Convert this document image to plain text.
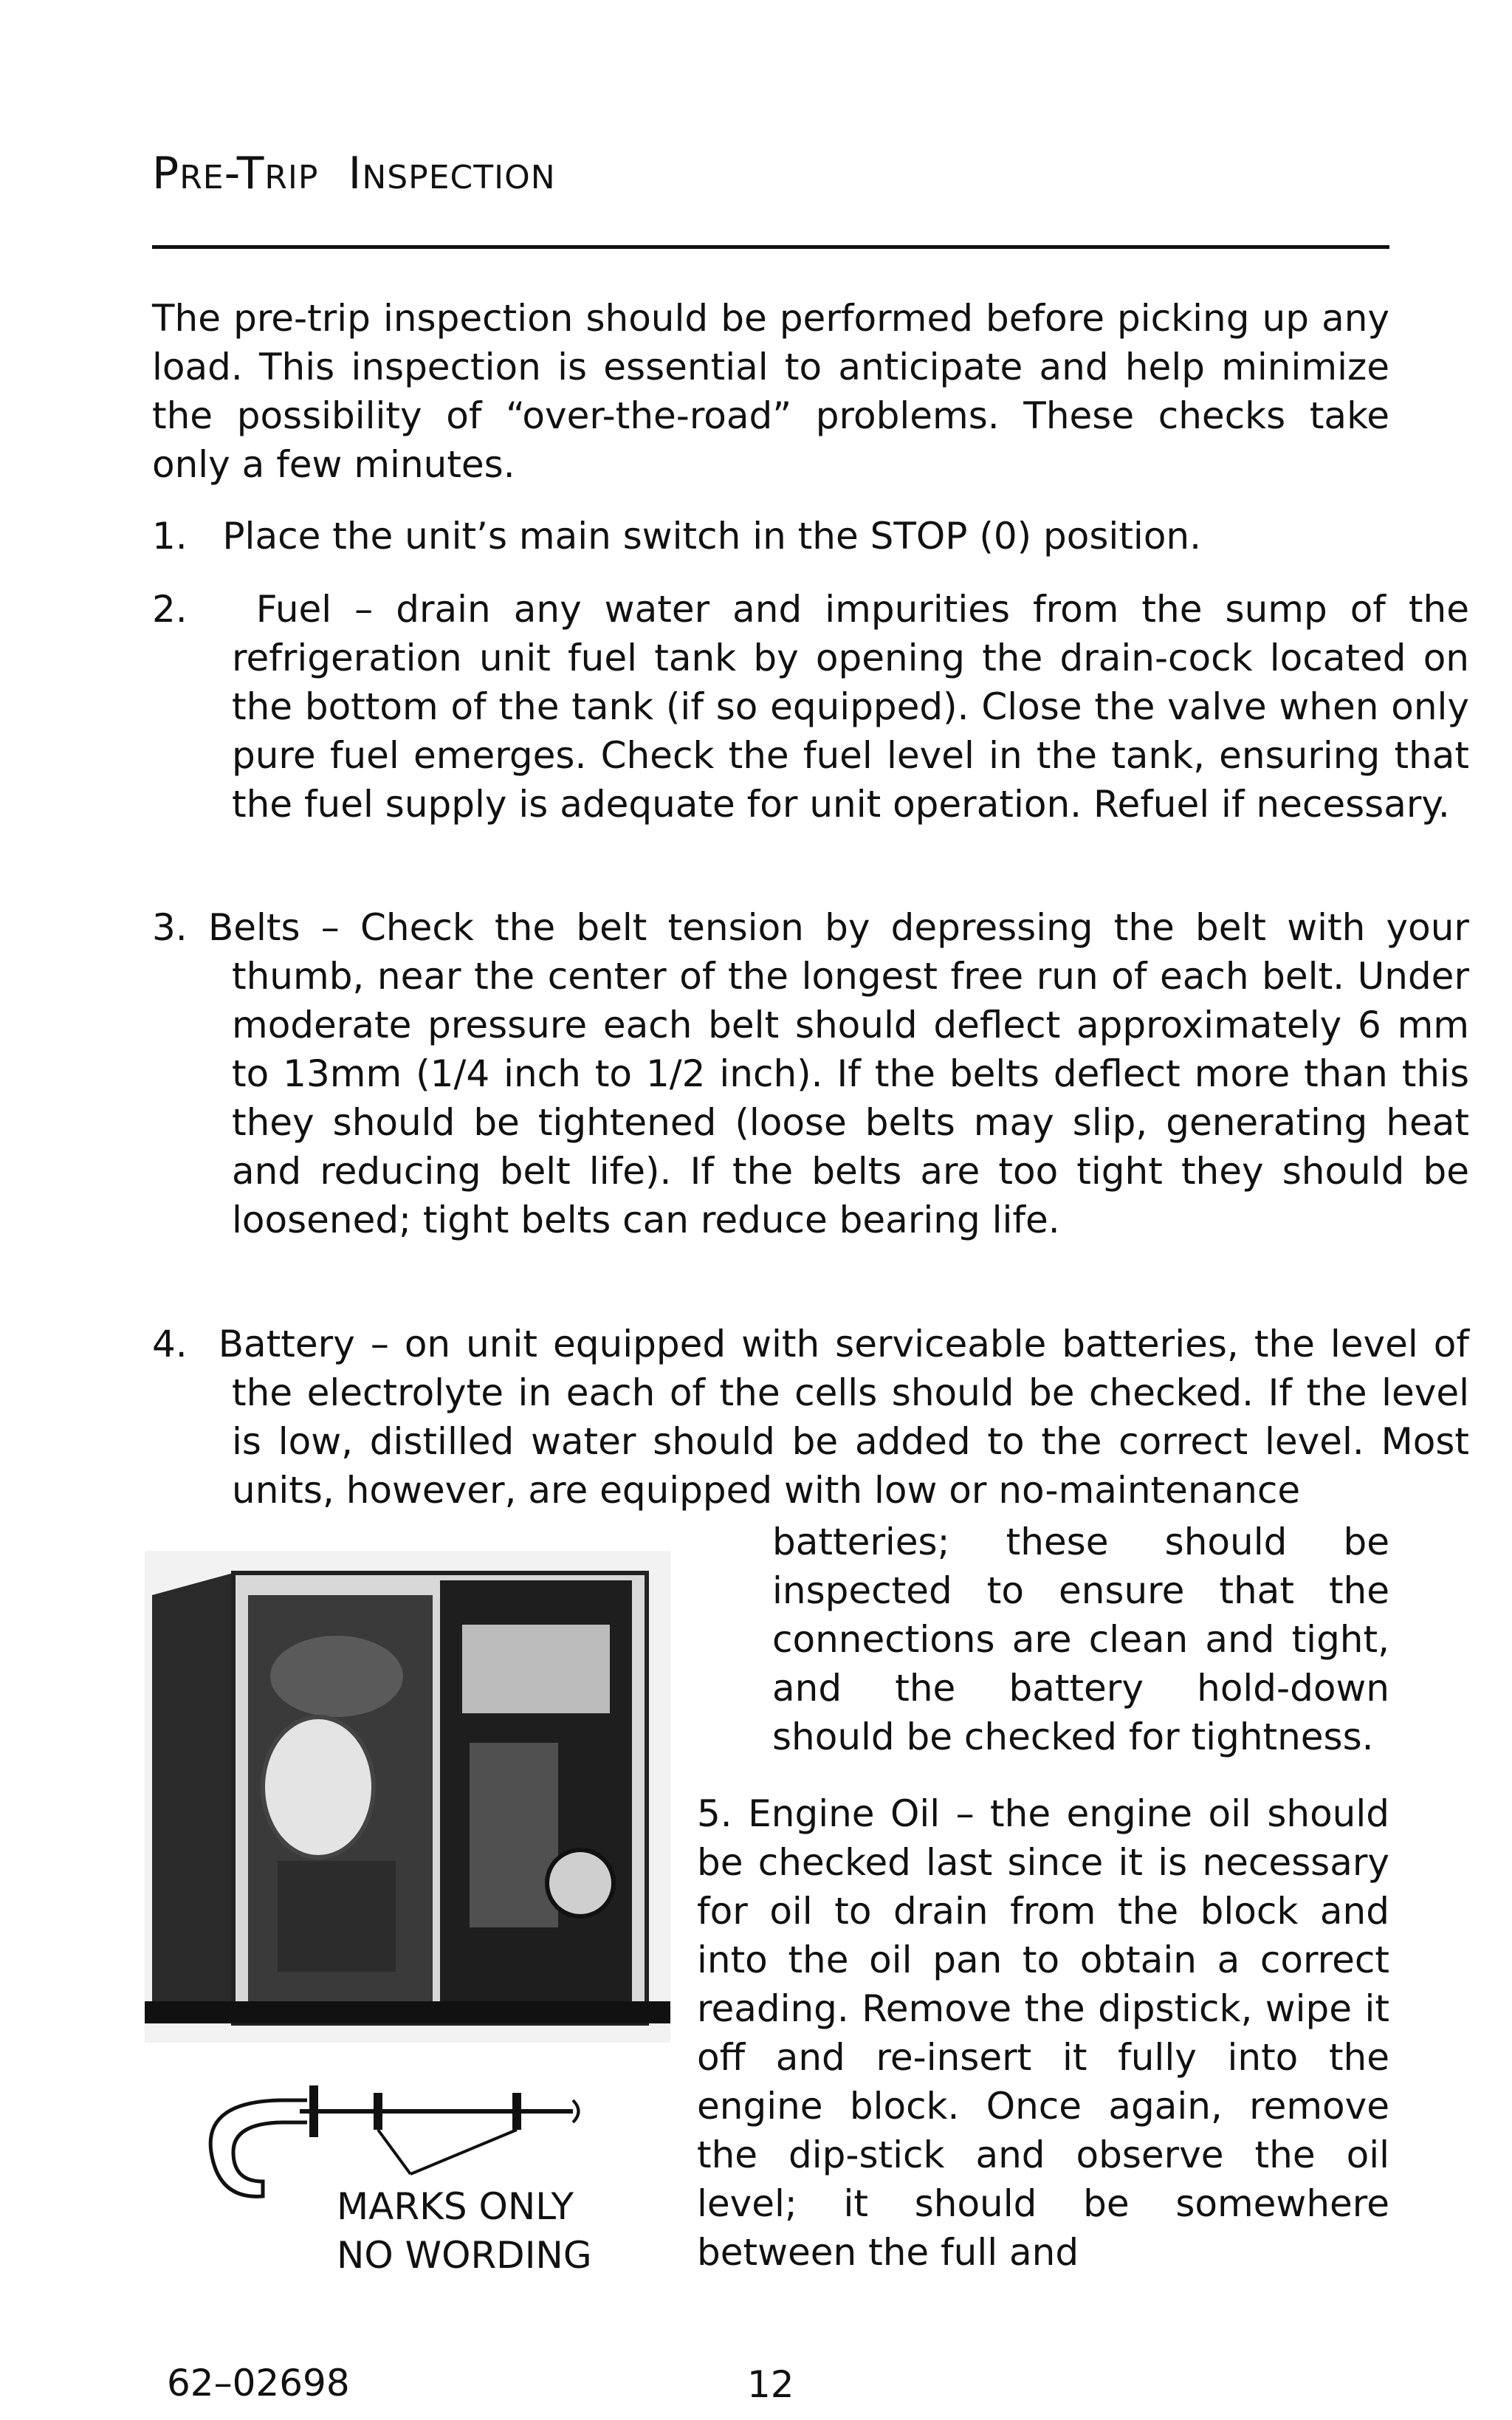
PRE-TRIP INSPECTION

The pre-trip inspection should be performed before picking up any load. This inspection is essential to anticipate and help minimize the possibility of “over-the-road” problems. These checks take only a few minutes.

1. Place the unit’s main switch in the STOP (0) position.

2. Fuel – drain any water and impurities from the sump of the refrigeration unit fuel tank by opening the drain-cock located on the bottom of the tank (if so equipped). Close the valve when only pure fuel emerges. Check the fuel level in the tank, ensuring that the fuel supply is adequate for unit operation. Refuel if necessary.

3. Belts – Check the belt tension by depressing the belt with your thumb, near the center of the longest free run of each belt. Under moderate pressure each belt should deflect approximately 6 mm to 13mm (1/4 inch to 1/2 inch). If the belts deflect more than this they should be tightened (loose belts may slip, generating heat and reducing belt life). If the belts are too tight they should be loosened; tight belts can reduce bearing life.

4. Battery – on unit equipped with serviceable batteries, the level of the electrolyte in each of the cells should be checked. If the level is low, distilled water should be added to the correct level. Most units, however, are equipped with low or no-maintenance

batteries; these should be inspected to ensure that the connections are clean and tight, and the battery hold-down should be checked for tightness.

5. Engine Oil – the engine oil should be checked last since it is necessary for oil to drain from the block and into the oil pan to obtain a correct reading. Remove the dipstick, wipe it off and re-insert it fully into the engine block. Once again, remove the dip-stick and observe the oil level; it should be somewhere between the full and

MARKS ONLY
NO WORDING
62–02698	12
